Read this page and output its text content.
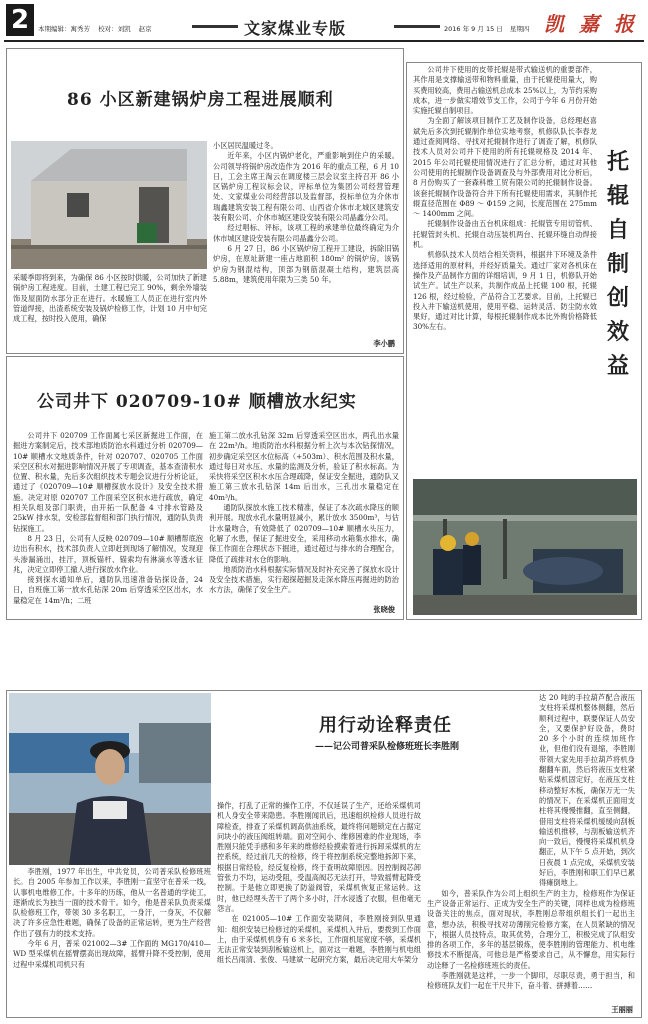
2	本期编辑：寓秀芳 校对：刘凯 赵京	文家煤业专版	2016 年 9 月 15 日 星期四 凯 嘉 报
86 小区新建锅炉房工程进展顺利
采暖季即将到来，为确保 86 小区按时供暖，公司加快了新建锅炉房工程进度。目前，土建工程已完工 90%，剩余外墙装饰及屋面防水部分正在进行。水暖施工人员正在进行室内外管道焊接，出渣系统安装及锅炉检修工作，计划 10 月中旬完成工程，按时投入使用，确保

小区居民温暖过冬。

近年来，小区内锅炉老化，严重影响到住户的采暖。公司领导将锅炉房改造作为 2016 年的重点工程，6 月 10 日，工会主席王淘云在调度楼三层会议室主持召开 86 小区锅炉房工程议标会议，评标单位为集团公司经营管理处、文家煤业公司经营部以及监督部，投标单位为介休市瑞鑫建筑安装工程有限公司、山西省介休市北城区建筑安装有限公司、介休市城区建设安装有限公司晶鑫分公司。

经过唱标、评标，该项工程的承建单位最终确定为介休市城区建设安装有限公司晶鑫分公司。

6 月 27 日，86 小区锅炉房工程开工建设，拆除旧锅炉房，在原址新建一座占地面积 180m² 的锅炉房，该锅炉房为钢混结构，顶部为钢筋混凝土结构，建筑层高 5.88m，建筑使用年限为三类 50 年。

李小鹏

公司井下使用的皮带托辊是带式输送机的重要部件，其作用是支撑输送带和物料重量，由于托辊使用量大，购买费用较高，费用占输送机总成本 25%以上，为节约采购成本，进一步做实增效节支工作，公司于今年 6 月份开始实施托辊自制项目。

为全面了解该项目制作工艺及制作设备，总经理赵喜斌先后多次到托辊制作单位实地考察，机修队队长李春龙通过查阅网络、寻找对托辊制作进行了调查了解，机修队技术人员对公司井下使用的所有托辊规格及 2014 年、2015 年公司托辊使用情况进行了汇总分析，通过对其他公司使用的托辊制作设备调查及与外部费用对比分析后，8 月份购买了一套森科维工贸有限公司的托辊制作设备。该套托辊制作设备符合井下所有托辊使用需求，其制作托辊直径范围在 Φ89 ～ Φ159 之间，长度范围在 275mm ～ 1400mm 之间。

托辊制作设备由五台机床组成：托辊管专用切管机、托辊管封头机、托辊自动压装机两台、托辊环缝自动焊接机。

机修队技术人员结合相关资料，根据井下环境及条件选择适用的原材料，并经好质量关。通过厂家对各机床在操作及产品制作方面的详细培训，9 月 1 日，机修队开始试生产。试生产以来，共制作成品上托辊 100 根，托辊 126 根，经过检验，产品符合工艺要求。目前，上托辊已投入井下输送机使用，使用平稳、运转灵活、防尘防水效果好，通过对比计算，每根托辊制作成本比外购价格降低 30%左右。

托辊自制创效益
公司井下 020709-10# 顺槽放水纪实

公司井下 020709 工作面属七采区新掘进工作面，在掘进方案制定后，技术部地质防治水科通过分析 020709—10# 顺槽水文地质条件，针对 020707、020705 工作面采空区积水对掘进影响情况开展了专项调查，基本查清积水位置、积水量，先后多次组织技术专题会议进行分析论证，通过了《020709—10# 顺槽探放水设计》及安全技术措施。决定对原 020707 工作面采空区积水进行疏放，确定相关队组及部门职责，由开拓一队配备 4 寸排水管路及 25kW 排水泵，安检部监督组和部门执行情况，通防队负责钻探施工。

8 月 23 日，公司有人反映 020709—10# 顺槽帮底泡边出有积水，技术部负责人立即赶到现场了解情况，发现迎头渗漏涌出，挂汗，顶板锚杆、锚索均有淋滴水等透水征兆，决定立即停工撤人进行探放水作业。

接到探水通知单后，通防队迅速准备钻探设备，24 日，自班施工第一放水孔钻深 20m 后穿透采空区出水，水量稳定在 14m³/h；二班

施工第二放水孔钻深 32m 后穿透采空区出水，两孔出水量在 22m³/h。地质防治水科根据分析上次与本次钻探情况，初步确定采空区水位标高（+503m）、积水范围及积水量，通过每日对水压、水量的监测及分析，验证了积水标高。为采快将采空区积水水压合理疏降，保证安全掘进，通防队又施工第三放水孔钻深 14m 后出水，三孔出水量稳定在 40m³/h。

通防队探放水施工技术精准，保证了本次疏水降压的顺利开展。现放水孔水量明显减小，累计放水 3500m³，与估计水量吻合，有效降低了 020709—10# 顺槽水头压力，化解了水患，保证了掘进安全，采用移动水箱集水排水，确保工作面在合理状态下掘进，通过超过与排水的合理配合，降低了疏排对水仓的影响。

地质防治水科根据实际情况及时补充完善了探放水设计及安全技术措施，实行超探超掘及走深水降压再掘进的防治水方法，确保了安全生产。

张晓俊
用行动诠释责任
——记公司普采队检修班班长李胜刚

李胜刚，1977 年出生，中共党员，公司普采队检修班班长。自 2005 年参加工作以来，李胜刚一直坚守在普采一线，认事机电维修工作。十多年的历练，他从一名普通的学徒工，逐渐成长为独当一面的技术骨干。如今，他是普采队负责采煤队检修班工作，带领 30 多名职工，一身汗，一身灰，不仅解决了许多应急性难题，确保了设备的正常运转，更为生产经营作出了强有力的技术支持。

今年 6 月，普采 021002—3# 工作面的 MG170/410—WD 型采煤机在摇臂摆高出现故障，摇臂升降不受控制，使用过程中采煤机司机只有

操作，打乱了正常的操作工序，不仅延误了生产，还给采煤机司机人身安全带来隐患。李胜刚闻讯后，迅速组织检修人员进行故障检查，排查了采煤机调高供油系统，最终将问题锁定在占据定问块小的液压阀组转端。面对空间小、维修困难的作业现场，李胜刚只能凭手感和多年来的维修经验摸索着进行拆卸采煤机的左控系统，经过前几天的检修，终于将控制系统完整地拆卸下来，根据日常经验，经反复检修，终于查明故障原因。因控制阀芯卸管张力不均，运动受阻，受温高阀芯无法打开，导致摇臂起降受控制。于是他立即更换了防溢阀管，采煤机恢复正常运转。这时，他已经埋头苦干了两个多小时，汗水浸透了衣服，但他毫无怨言。

在 021005—10# 工作面安装期间，李胜刚接到队里通知：组织安装已检修过的采煤机，采煤机入井后，要拨到工作面上，由于采煤机机身有 6 米多长，工作面机尾宽度不够，采煤机无法正常安装到刮板输送机上，面对这一难题，李胜刚与机电组组长吕雨清、张俊、马建斌一起研究方案，最后决定用大车架分

达 20 吨的手拉葫芦配合液压支柱将采煤机整体侧翻，然后顺利过程中，联要保证人员安全，又要保护好设备，费时 20 多个小时的连续加班作业，但他们没有退缩，李胜刚带领大家先用手拉葫芦将机身翻翻车面，然后将液压支柱紧贴采煤机固定好，在液压支柱移动整好木板，确保万无一失的情况下，在采煤机正面用支柱将其慢慢推翻，直至侧翻，借用支柱将采煤机缓缓向刮板输送机推移，与刮板输送机齐向一致后，慢慢将采煤机机身翻正，从下午 5 点开始，到次日夜晨 1 点完成，采煤机安装好后，李胜刚和职工们早已累得瘫倒地上。

如今，普采队作为公司上组织生产的主力，检修班作为保证生产设备正常运行、正成为安全生产的关键，同样也成为检修班设备关注的焦点，面对现状，李胜刚总带组织组长们一起出主意，想办法，积极寻找对功薄削完检修方案，在人员紧缺的情况下，根据人员技特点，取其优势，合理分工，积极完成了队组安排的各项工作，多年的基层锻炼，使李胜刚的管理能力、机电维修技术不断提高，可他总是严格要求自己，从不懈怠，用实际行动诠释了一名检修班班长的责任。

李胜刚就是这样，一步一个脚印，尽职尽责，勇于担当，和检修班队友们一起在干尺井下，奋斗着、拼搏着……

王丽丽
